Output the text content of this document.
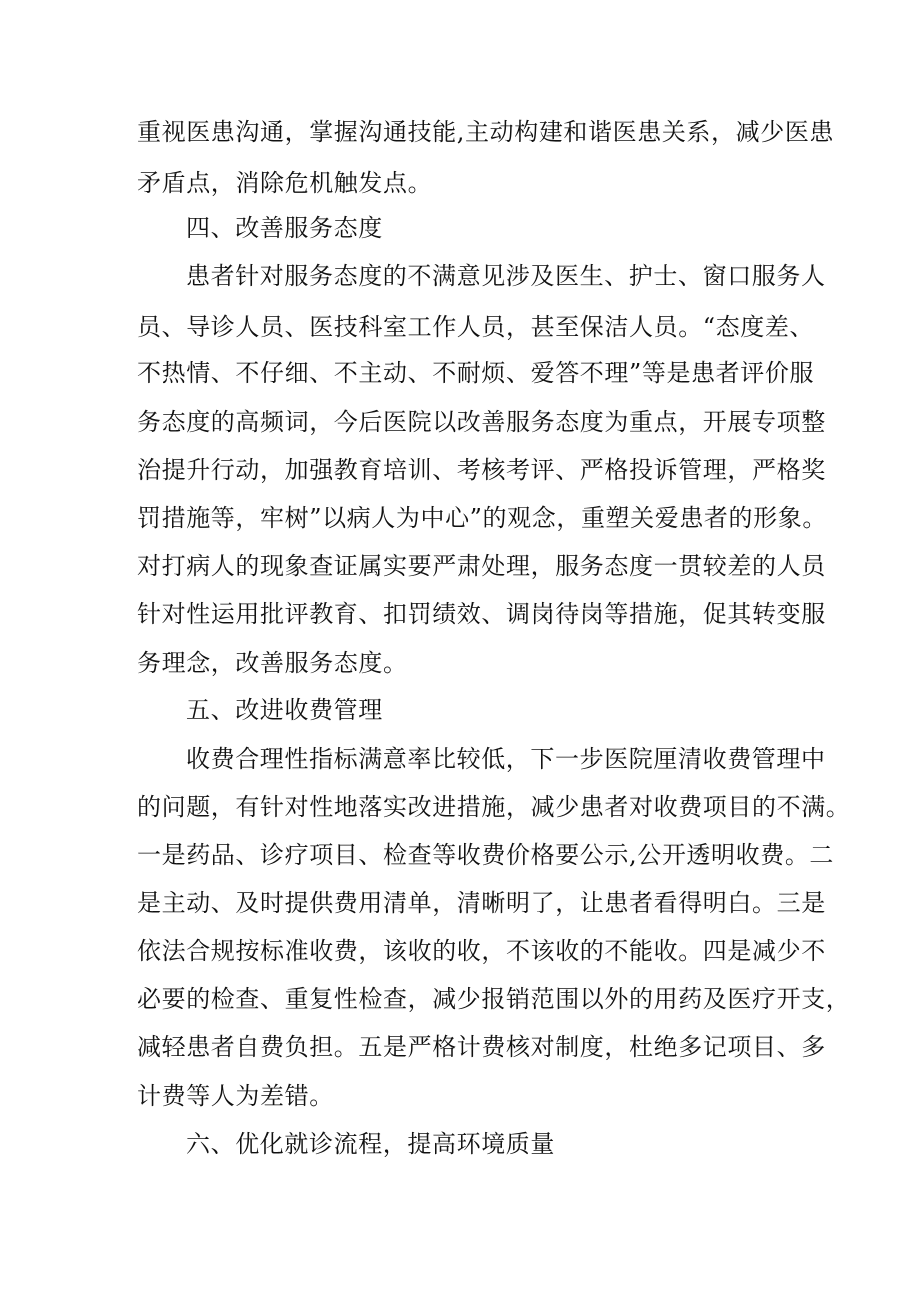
重视医患沟通，掌握沟通技能,主动构建和谐医患关系，减少医患
矛盾点，消除危机触发点。
四、改善服务态度
患者针对服务态度的不满意见涉及医生、护士、窗口服务人
员、导诊人员、医技科室工作人员，甚至保洁人员。“态度差、
不热情、不仔细、不主动、不耐烦、爱答不理”等是患者评价服
务态度的高频词，今后医院以改善服务态度为重点，开展专项整
治提升行动，加强教育培训、考核考评、严格投诉管理，严格奖
罚措施等，牢树”以病人为中心”的观念，重塑关爱患者的形象。
对打病人的现象查证属实要严肃处理，服务态度一贯较差的人员
针对性运用批评教育、扣罚绩效、调岗待岗等措施，促其转变服
务理念，改善服务态度。
五、改进收费管理
收费合理性指标满意率比较低，下一步医院厘清收费管理中
的问题，有针对性地落实改进措施，减少患者对收费项目的不满。
一是药品、诊疗项目、检查等收费价格要公示,公开透明收费。二
是主动、及时提供费用清单，清晰明了，让患者看得明白。三是
依法合规按标准收费，该收的收，不该收的不能收。四是减少不
必要的检查、重复性检查，减少报销范围以外的用药及医疗开支，
减轻患者自费负担。五是严格计费核对制度，杜绝多记项目、多
计费等人为差错。
六、优化就诊流程，提高环境质量
